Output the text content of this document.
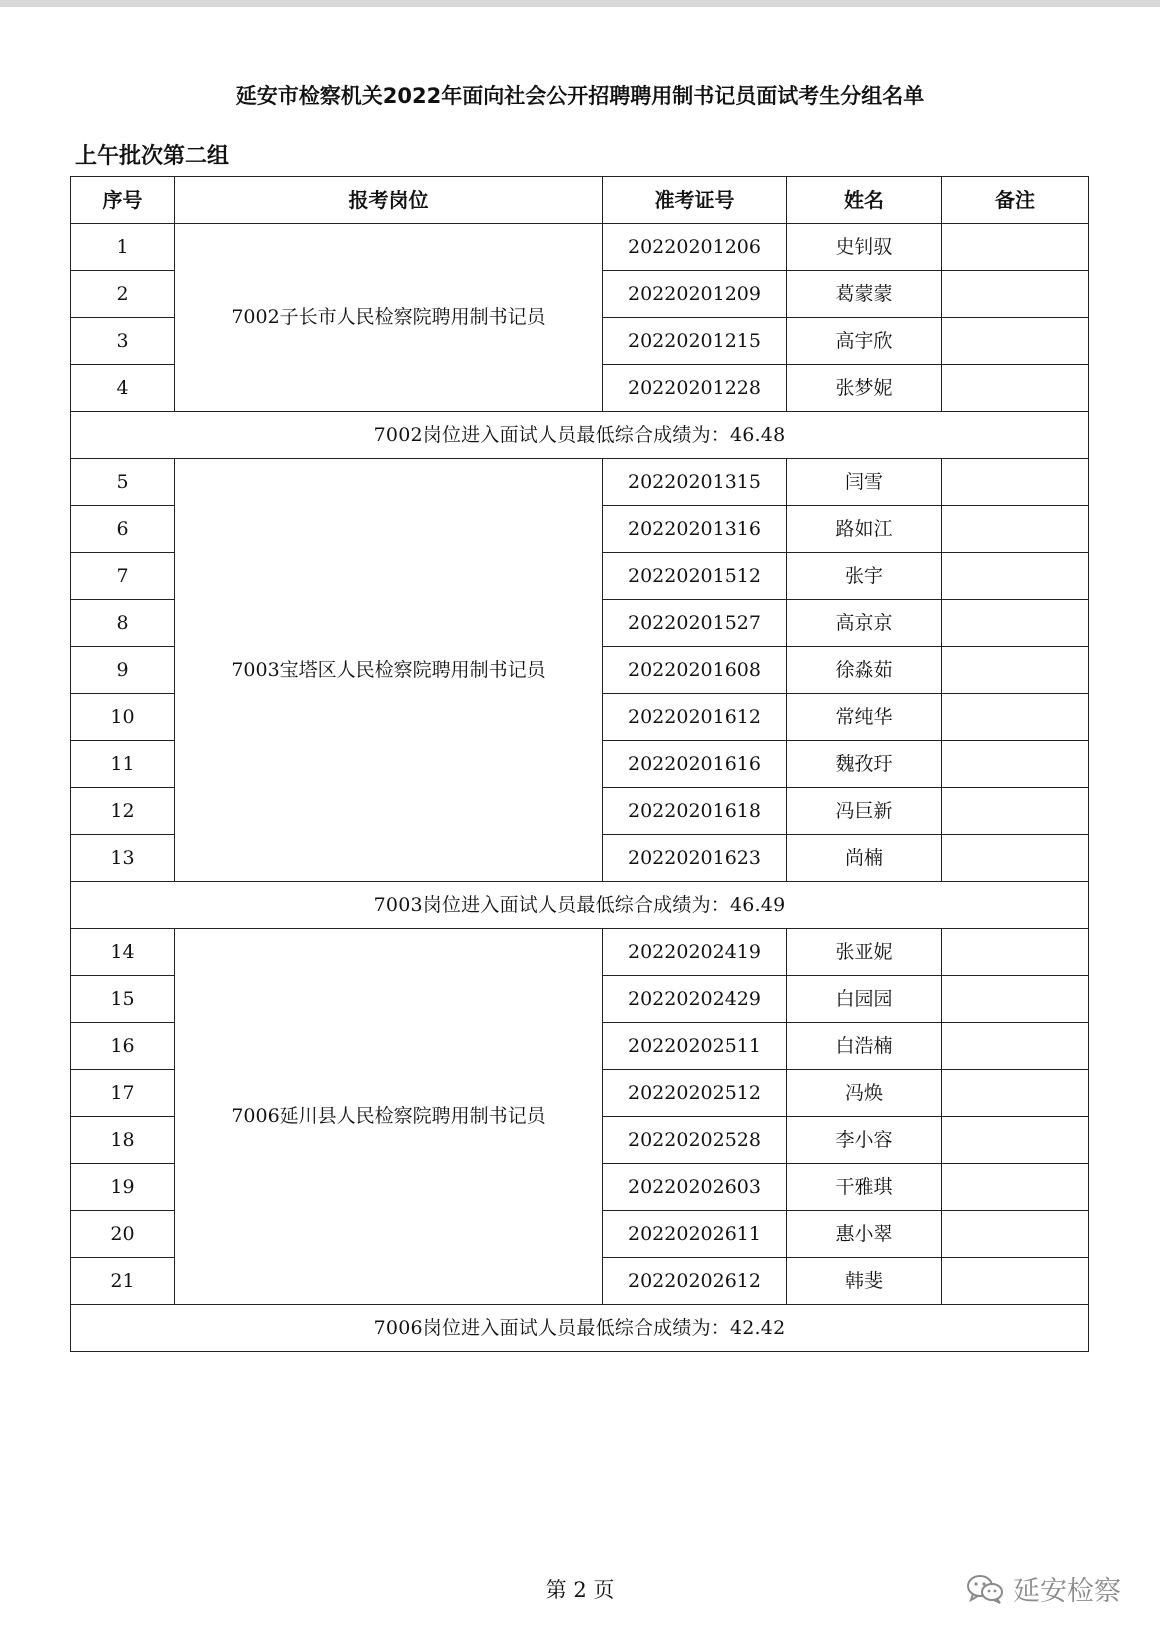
延安市检察机关2022年面向社会公开招聘聘用制书记员面试考生分组名单
上午批次第二组
序号	报考岗位	准考证号	姓名	备注
1	7002子长市人民检察院聘用制书记员	20220201206	史钊驭	
2		20220201209	葛蒙蒙	
3		20220201215	高宇欣	
4		20220201228	张梦妮	
7002岗位进入面试人员最低综合成绩为：46.48				
5	7003宝塔区人民检察院聘用制书记员	20220201315	闫雪	
6		20220201316	路如江	
7		20220201512	张宇	
8		20220201527	高京京	
9		20220201608	徐淼茹	
10		20220201612	常纯华	
11		20220201616	魏孜玗	
12		20220201618	冯巨新	
13		20220201623	尚楠	
7003岗位进入面试人员最低综合成绩为：46.49				
14	7006延川县人民检察院聘用制书记员	20220202419	张亚妮	
15		20220202429	白园园	
16		20220202511	白浩楠	
17		20220202512	冯焕	
18		20220202528	李小容	
19		20220202603	干雅琪	
20		20220202611	惠小翠	
21		20220202612	韩斐	
7006岗位进入面试人员最低综合成绩为：42.42				
第 2 页	延安检察
